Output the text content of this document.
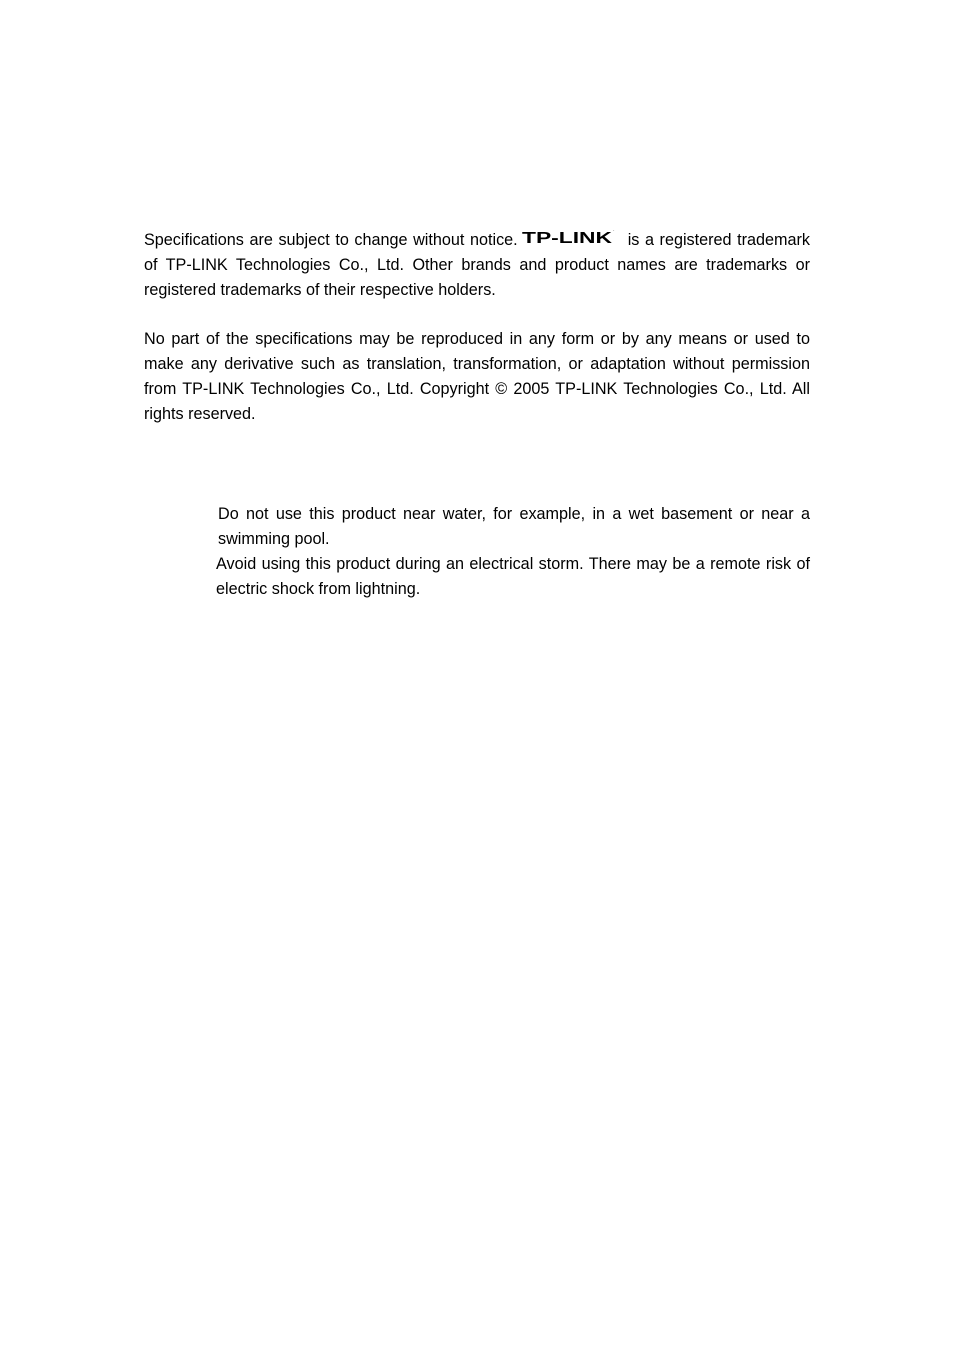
Specifications are subject to change without notice. TP-LINK ´ is a registered trademark of TP-LINK Technologies Co., Ltd. Other brands and product names are trademarks or registered trademarks of their respective holders.

No part of the specifications may be reproduced in any form or by any means or used to make any derivative such as translation, transformation, or adaptation without permission from TP-LINK Technologies Co., Ltd. Copyright © 2005 TP-LINK Technologies Co., Ltd. All rights reserved.

Do not use this product near water, for example, in a wet basement or near a swimming pool.
Avoid using this product during an electrical storm. There may be a remote risk of electric shock from lightning.
